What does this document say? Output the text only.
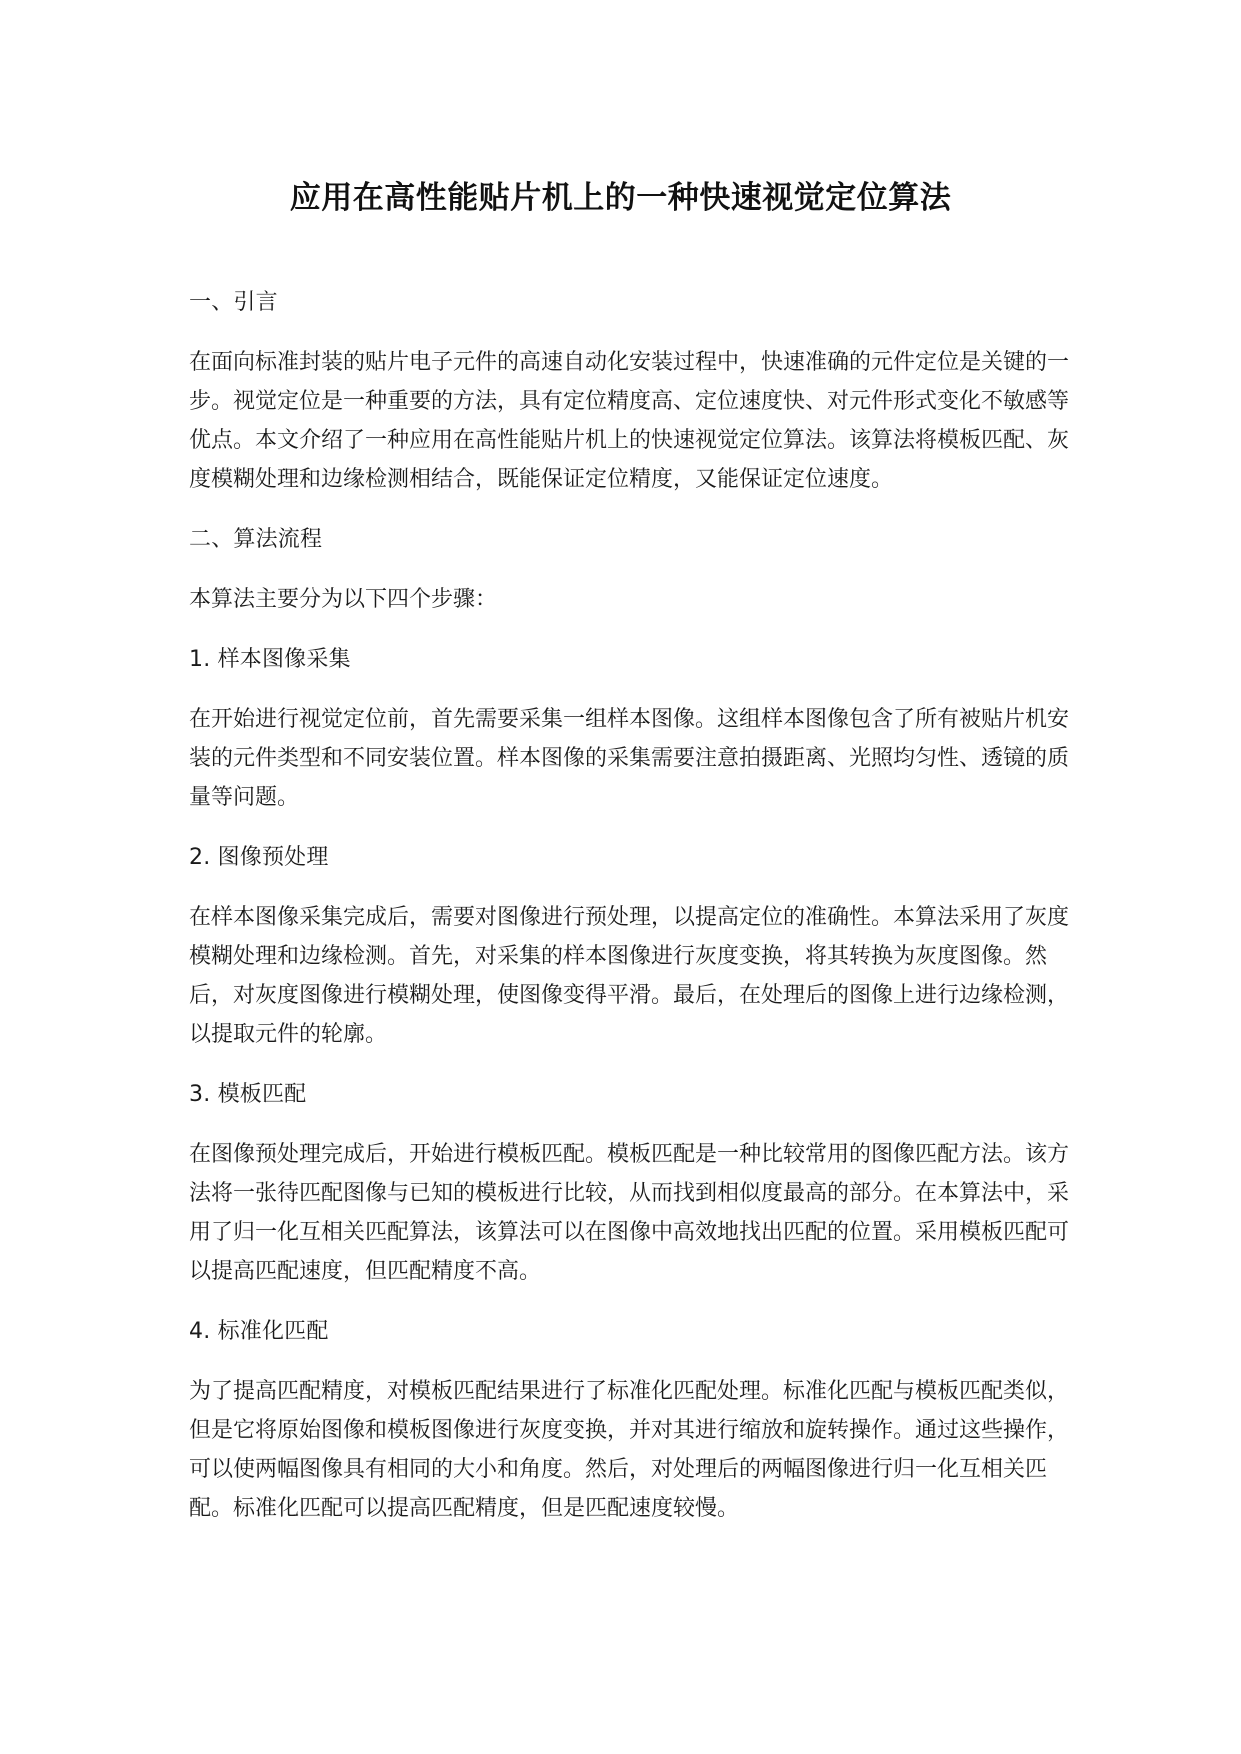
应用在高性能贴片机上的一种快速视觉定位算法

一、引言

在面向标准封装的贴片电子元件的高速自动化安装过程中，快速准确的元件定位是关键的一步。视觉定位是一种重要的方法，具有定位精度高、定位速度快、对元件形式变化不敏感等优点。本文介绍了一种应用在高性能贴片机上的快速视觉定位算法。该算法将模板匹配、灰度模糊处理和边缘检测相结合，既能保证定位精度，又能保证定位速度。

二、算法流程

本算法主要分为以下四个步骤：

1. 样本图像采集

在开始进行视觉定位前，首先需要采集一组样本图像。这组样本图像包含了所有被贴片机安装的元件类型和不同安装位置。样本图像的采集需要注意拍摄距离、光照均匀性、透镜的质量等问题。

2. 图像预处理

在样本图像采集完成后，需要对图像进行预处理，以提高定位的准确性。本算法采用了灰度模糊处理和边缘检测。首先，对采集的样本图像进行灰度变换，将其转换为灰度图像。然后，对灰度图像进行模糊处理，使图像变得平滑。最后，在处理后的图像上进行边缘检测，以提取元件的轮廓。

3. 模板匹配

在图像预处理完成后，开始进行模板匹配。模板匹配是一种比较常用的图像匹配方法。该方法将一张待匹配图像与已知的模板进行比较，从而找到相似度最高的部分。在本算法中，采用了归一化互相关匹配算法，该算法可以在图像中高效地找出匹配的位置。采用模板匹配可以提高匹配速度，但匹配精度不高。

4. 标准化匹配

为了提高匹配精度，对模板匹配结果进行了标准化匹配处理。标准化匹配与模板匹配类似，但是它将原始图像和模板图像进行灰度变换，并对其进行缩放和旋转操作。通过这些操作，可以使两幅图像具有相同的大小和角度。然后，对处理后的两幅图像进行归一化互相关匹配。标准化匹配可以提高匹配精度，但是匹配速度较慢。
